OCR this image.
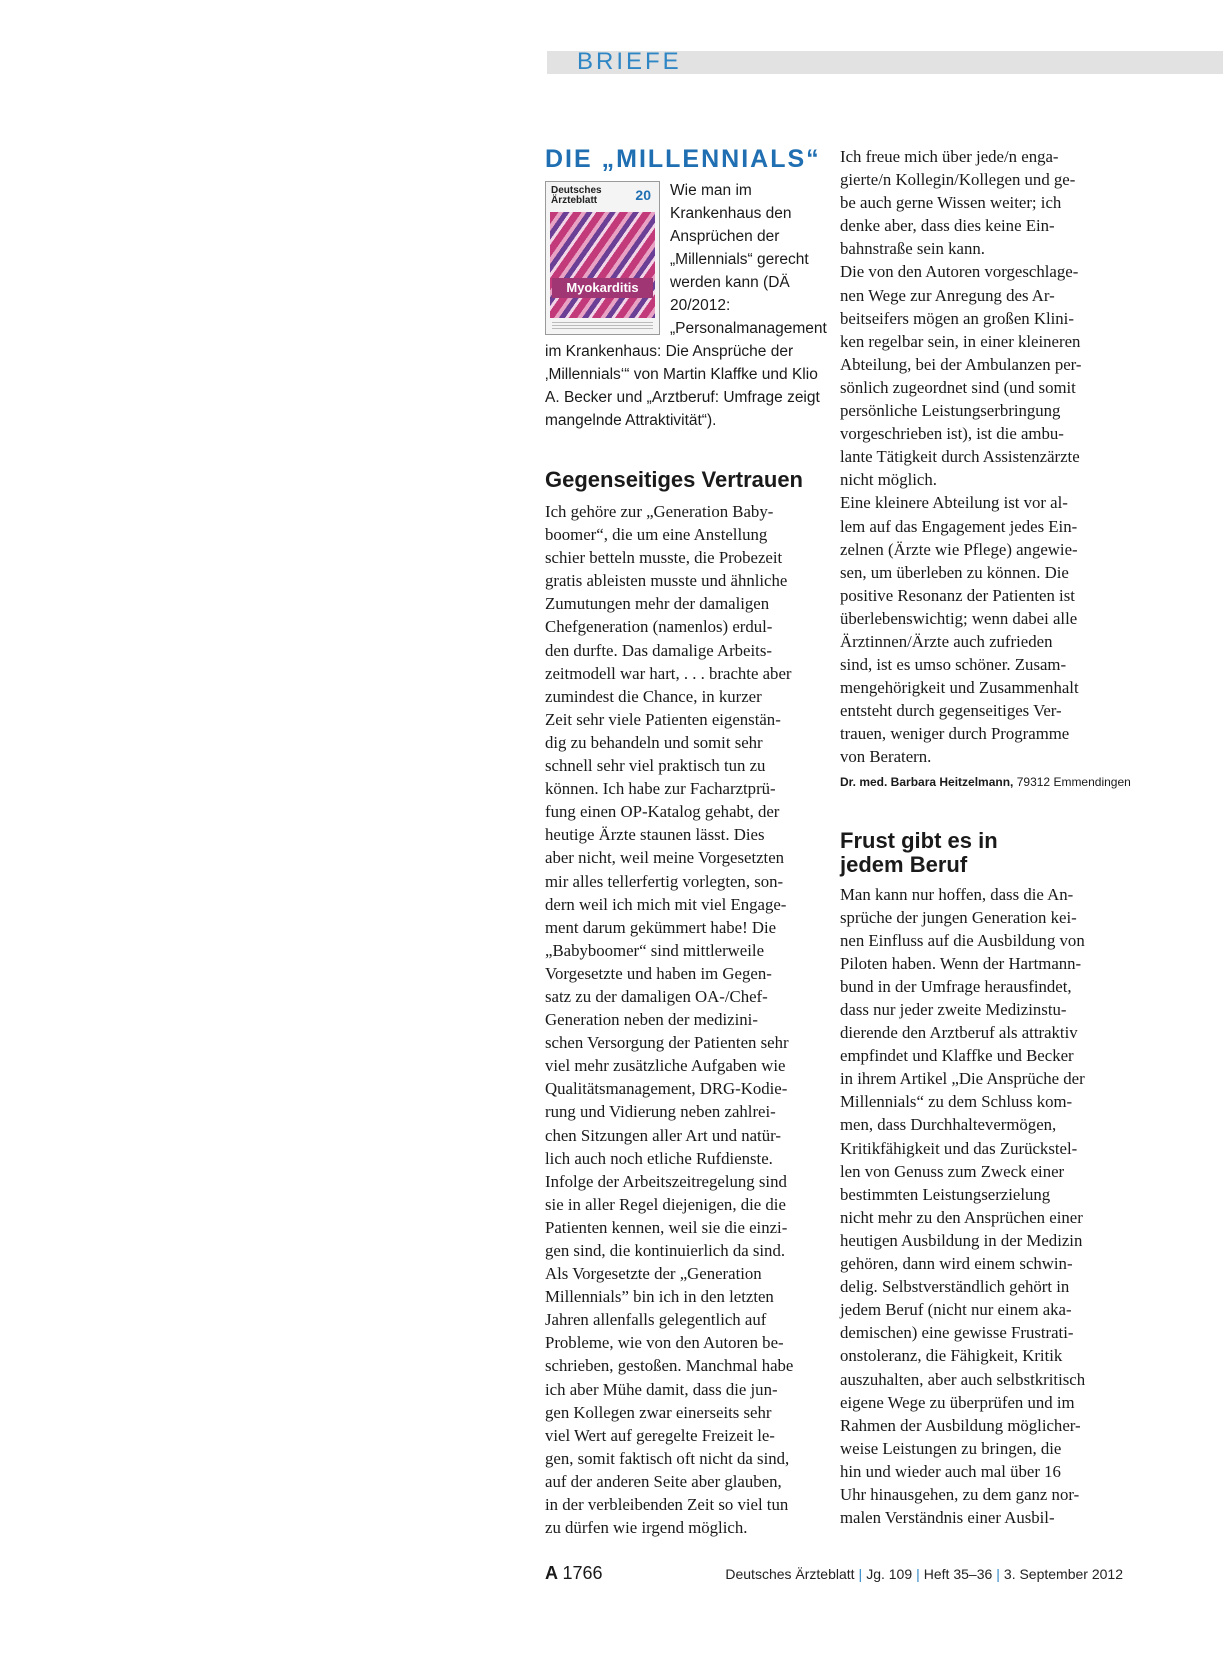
BRIEFE
DIE „MILLENNIALS“
Deutsches Ärzteblatt	20
Myokarditis

Wie man im Krankenhaus den Ansprüchen der „Millennials“ gerecht werden kann (DÄ 20/2012: „Personalmanagement im Krankenhaus: Die Ansprüche der ‚Millennials‘“ von Martin Klaffke und Klio A. Becker und „Arztberuf: Umfrage zeigt mangelnde Attraktivität“).

Gegenseitiges Vertrauen

Ich gehöre zur „Generation Baby-
boomer“, die um eine Anstellung
schier betteln musste, die Probezeit
gratis ableisten musste und ähnliche
Zumutungen mehr der damaligen
Chefgeneration (namenlos) erdul-
den durfte. Das damalige Arbeits-
zeitmodell war hart, . . . brachte aber
zumindest die Chance, in kurzer
Zeit sehr viele Patienten eigenstän-
dig zu behandeln und somit sehr
schnell sehr viel praktisch tun zu
können. Ich habe zur Facharztprü-
fung einen OP-Katalog gehabt, der
heutige Ärzte staunen lässt. Dies
aber nicht, weil meine Vorgesetzten
mir alles tellerfertig vorlegten, son-
dern weil ich mich mit viel Engage-
ment darum gekümmert habe! Die
„Babyboomer“ sind mittlerweile
Vorgesetzte und haben im Gegen-
satz zu der damaligen OA-/Chef-
Generation neben der medizini-
schen Versorgung der Patienten sehr
viel mehr zusätzliche Aufgaben wie
Qualitätsmanagement, DRG-Kodie-
rung und Vidierung neben zahlrei-
chen Sitzungen aller Art und natür-
lich auch noch etliche Rufdienste.
Infolge der Arbeitszeitregelung sind
sie in aller Regel diejenigen, die die
Patienten kennen, weil sie die einzi-
gen sind, die kontinuierlich da sind.
Als Vorgesetzte der „Generation
Millennials” bin ich in den letzten
Jahren allenfalls gelegentlich auf
Probleme, wie von den Autoren be-
schrieben, gestoßen. Manchmal habe
ich aber Mühe damit, dass die jun-
gen Kollegen zwar einerseits sehr
viel Wert auf geregelte Freizeit le-
gen, somit faktisch oft nicht da sind,
auf der anderen Seite aber glauben,
in der verbleibenden Zeit so viel tun
zu dürfen wie irgend möglich.

Ich freue mich über jede/n enga-
gierte/n Kollegin/Kollegen und ge-
be auch gerne Wissen weiter; ich
denke aber, dass dies keine Ein-
bahnstraße sein kann.
Die von den Autoren vorgeschlage-
nen Wege zur Anregung des Ar-
beitseifers mögen an großen Klini-
ken regelbar sein, in einer kleineren
Abteilung, bei der Ambulanzen per-
sönlich zugeordnet sind (und somit
persönliche Leistungserbringung
vorgeschrieben ist), ist die ambu-
lante Tätigkeit durch Assistenzärzte
nicht möglich.
Eine kleinere Abteilung ist vor al-
lem auf das Engagement jedes Ein-
zelnen (Ärzte wie Pflege) angewie-
sen, um überleben zu können. Die
positive Resonanz der Patienten ist
überlebenswichtig; wenn dabei alle
Ärztinnen/Ärzte auch zufrieden
sind, ist es umso schöner. Zusam-
mengehörigkeit und Zusammenhalt
entsteht durch gegenseitiges Ver-
trauen, weniger durch Programme
von Beratern.

Dr. med. Barbara Heitzelmann, 79312 Emmendingen

Frust gibt es in jedem Beruf

Man kann nur hoffen, dass die An-
sprüche der jungen Generation kei-
nen Einfluss auf die Ausbildung von
Piloten haben. Wenn der Hartmann-
bund in der Umfrage herausfindet,
dass nur jeder zweite Medizinstu-
dierende den Arztberuf als attraktiv
empfindet und Klaffke und Becker
in ihrem Artikel „Die Ansprüche der
Millennials“ zu dem Schluss kom-
men, dass Durchhaltevermögen,
Kritikfähigkeit und das Zurückstel-
len von Genuss zum Zweck einer
bestimmten Leistungserzielung
nicht mehr zu den Ansprüchen einer
heutigen Ausbildung in der Medizin
gehören, dann wird einem schwin-
delig. Selbstverständlich gehört in
jedem Beruf (nicht nur einem aka-
demischen) eine gewisse Frustrati-
onstoleranz, die Fähigkeit, Kritik
auszuhalten, aber auch selbstkritisch
eigene Wege zu überprüfen und im
Rahmen der Ausbildung möglicher-
weise Leistungen zu bringen, die
hin und wieder auch mal über 16
Uhr hinausgehen, zu dem ganz nor-
malen Verständnis einer Ausbil-

A 1766	Deutsches Ärzteblatt | Jg. 109 | Heft 35–36 | 3. September 2012
